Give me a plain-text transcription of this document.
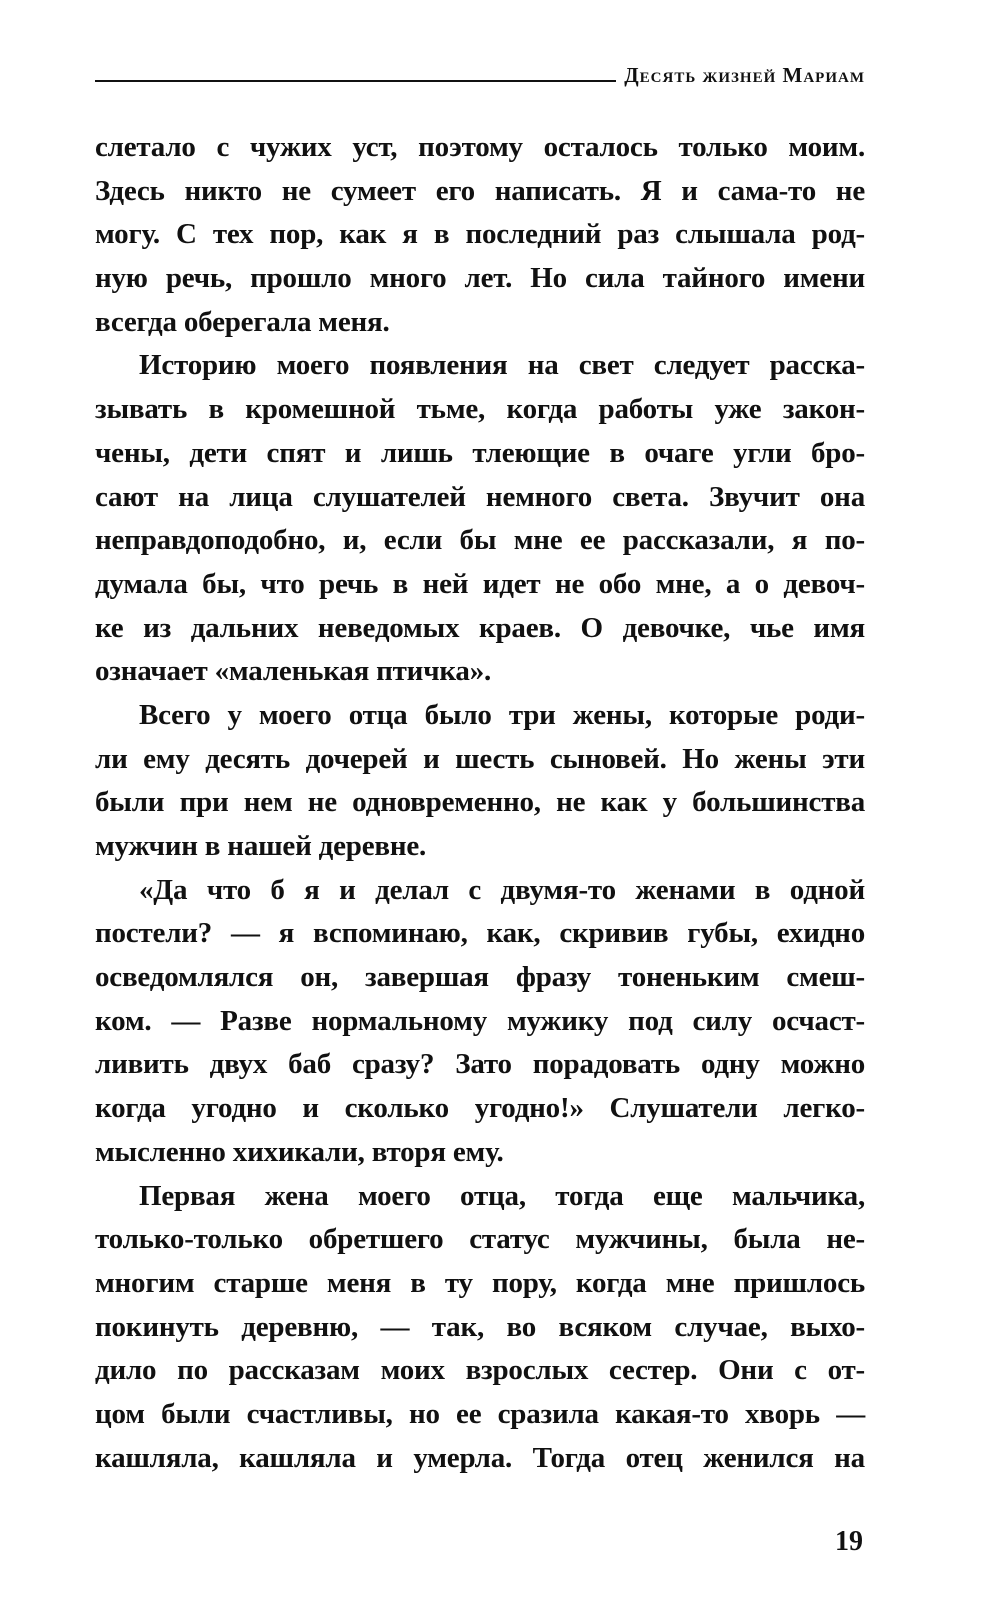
Десять жизней Мариам
слетало с чужих уст, поэтому осталось только моим.
Здесь никто не сумеет его написать. Я и сама-то не
могу. С тех пор, как я в последний раз слышала род-
ную речь, прошло много лет. Но сила тайного имени
всегда оберегала меня.
Историю моего появления на свет следует расска-
зывать в кромешной тьме, когда работы уже закон-
чены, дети спят и лишь тлеющие в очаге угли бро-
сают на лица слушателей немного света. Звучит она
неправдоподобно, и, если бы мне ее рассказали, я по-
думала бы, что речь в ней идет не обо мне, а о девоч-
ке из дальних неведомых краев. О девочке, чье имя
означает «маленькая птичка».
Всего у моего отца было три жены, которые роди-
ли ему десять дочерей и шесть сыновей. Но жены эти
были при нем не одновременно, не как у большинства
мужчин в нашей деревне.
«Да что б я и делал с двумя-то женами в одной
постели? — я вспоминаю, как, скривив губы, ехидно
осведомлялся он, завершая фразу тоненьким смеш-
ком. — Разве нормальному мужику под силу осчаст-
ливить двух баб сразу? Зато порадовать одну можно
когда угодно и сколько угодно!» Слушатели легко-
мысленно хихикали, вторя ему.
Первая жена моего отца, тогда еще мальчика,
только-только обретшего статус мужчины, была не-
многим старше меня в ту пору, когда мне пришлось
покинуть деревню, — так, во всяком случае, выхо-
дило по рассказам моих взрослых сестер. Они с от-
цом были счастливы, но ее сразила какая-то хворь —
кашляла, кашляла и умерла. Тогда отец женился на
19
